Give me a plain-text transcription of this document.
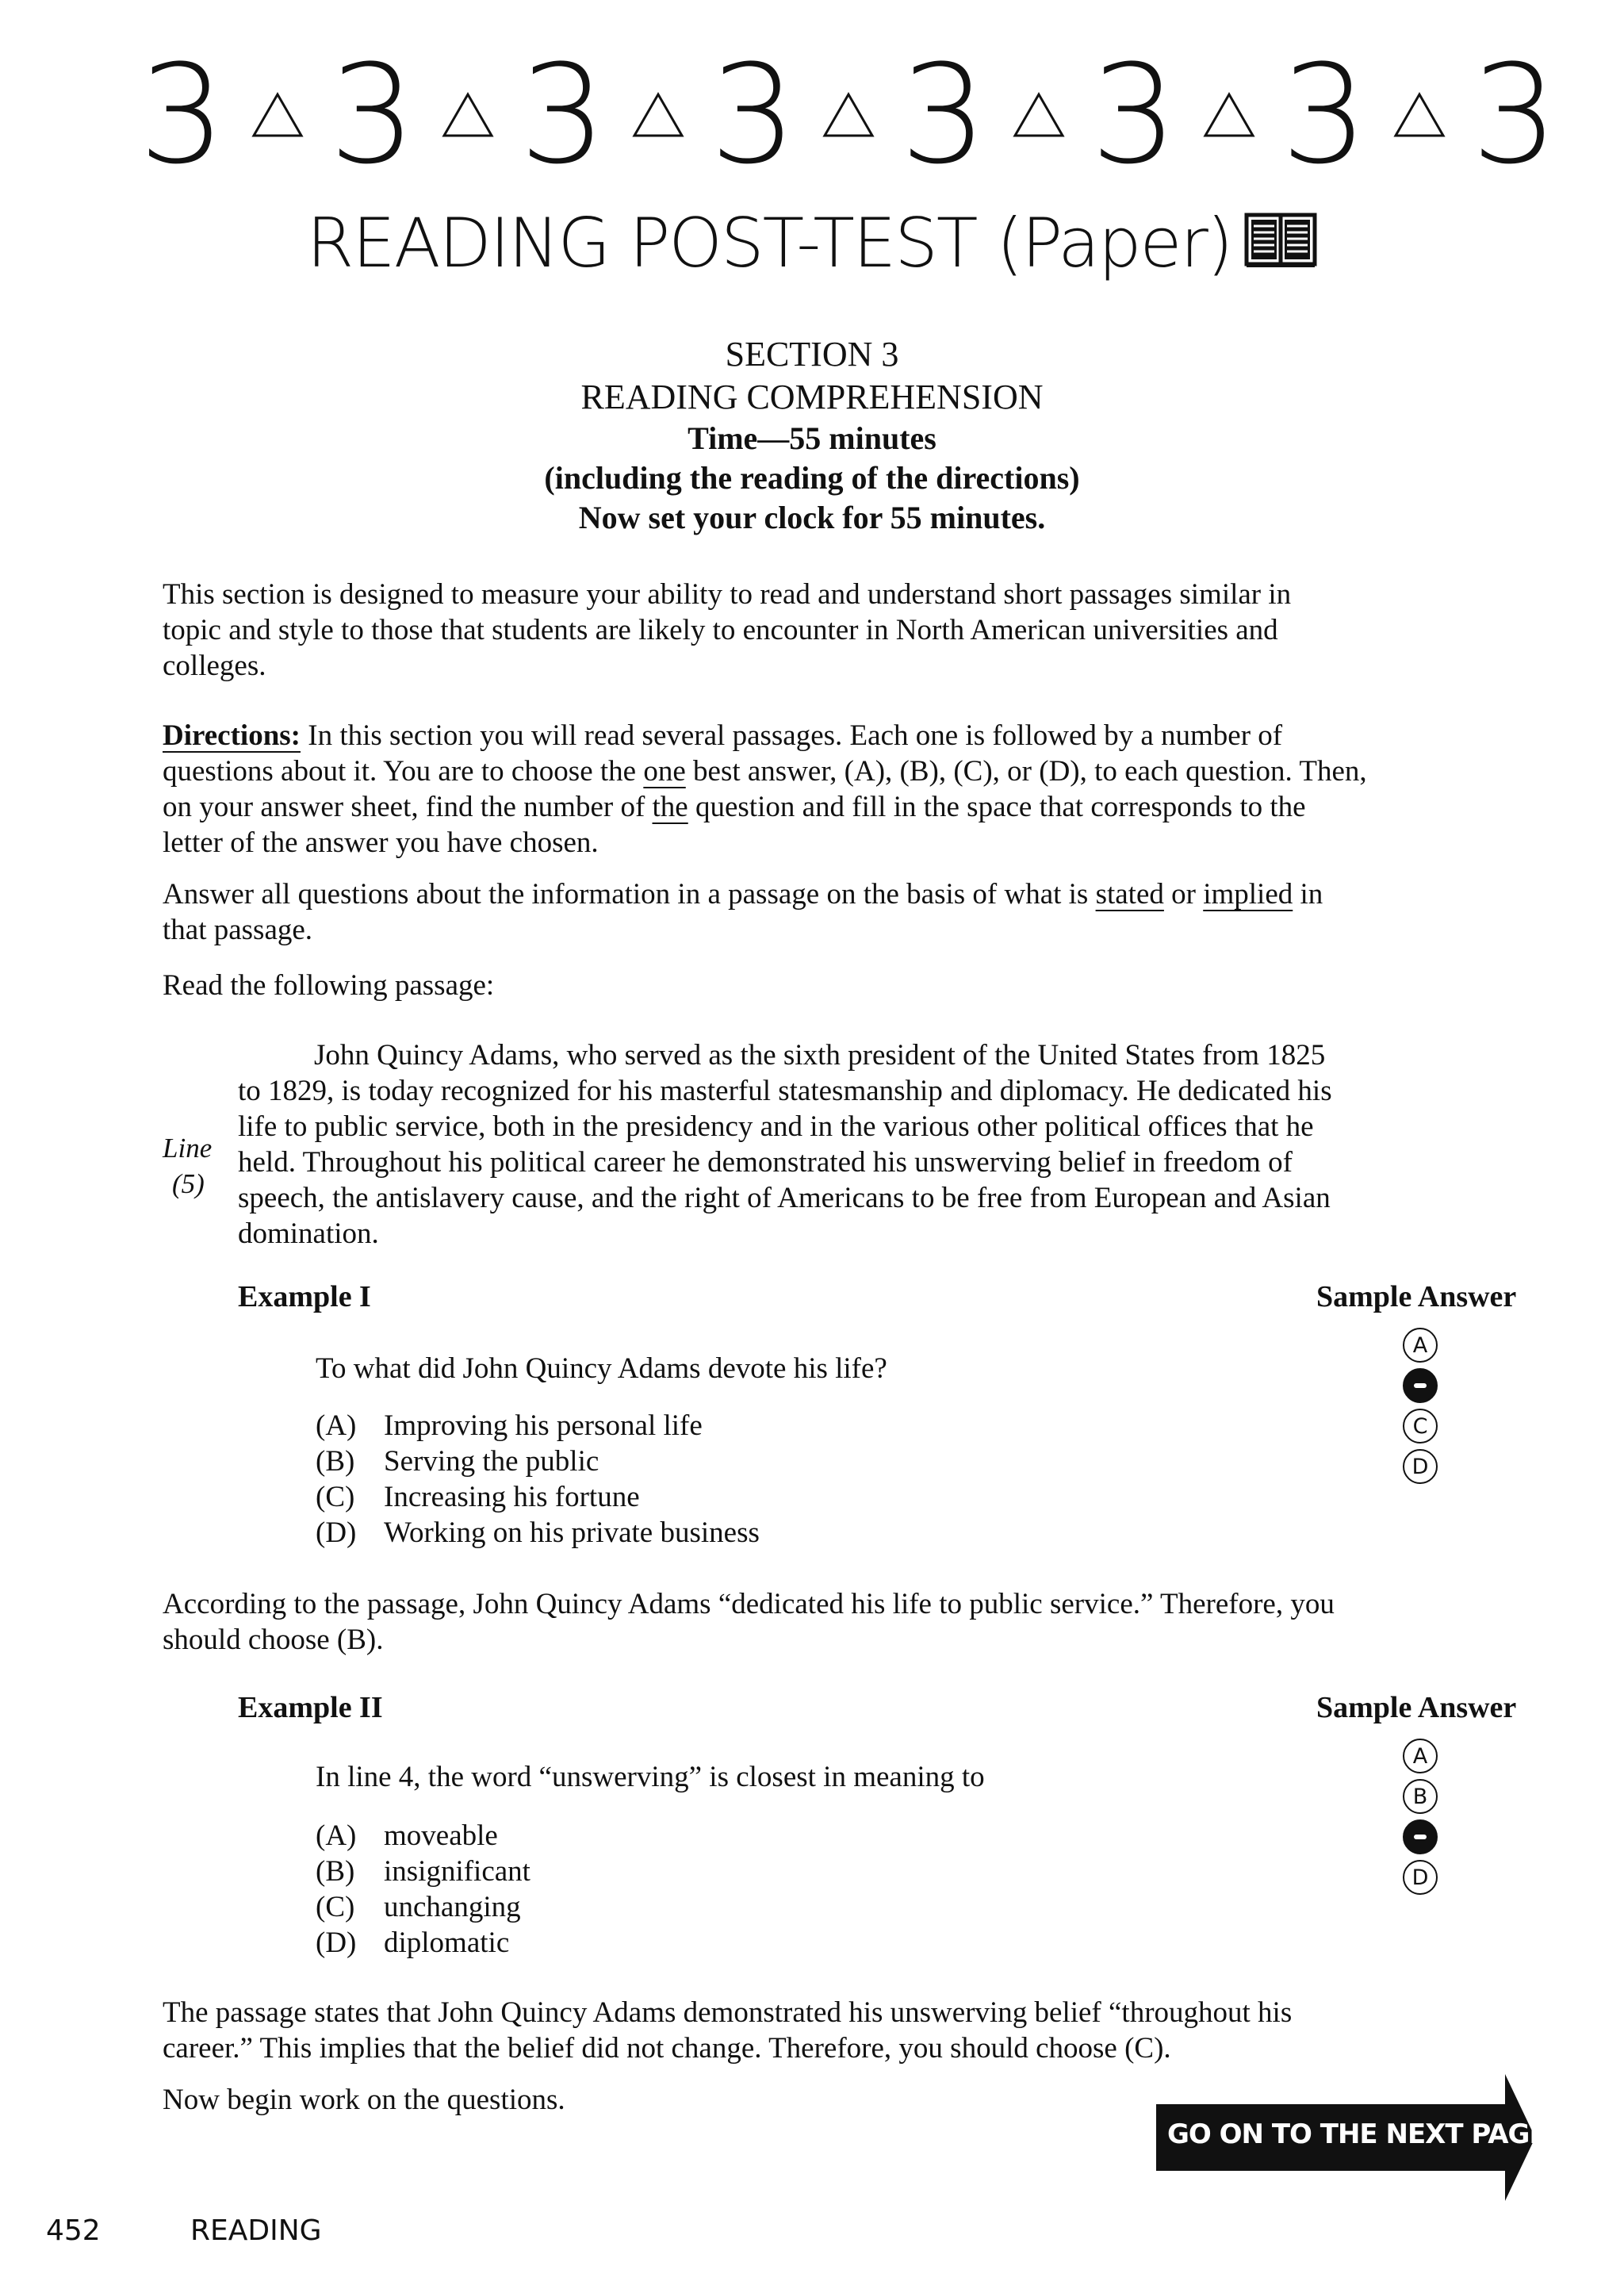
3 3 3 3 3 3 3 3
READING POST-TEST (Paper)
SECTION 3
READING COMPREHENSION
Time—55 minutes
(including the reading of the directions)
Now set your clock for 55 minutes.
This section is designed to measure your ability to read and understand short passages similar in
topic and style to those that students are likely to encounter in North American universities and
colleges.
Directions: In this section you will read several passages. Each one is followed by a number of
questions about it. You are to choose the one best answer, (A), (B), (C), or (D), to each question. Then,
on your answer sheet, find the number of the question and fill in the space that corresponds to the
letter of the answer you have chosen.
Answer all questions about the information in a passage on the basis of what is stated or implied in
that passage.
Read the following passage:
John Quincy Adams, who served as the sixth president of the United States from 1825
to 1829, is today recognized for his masterful statesmanship and diplomacy. He dedicated his
life to public service, both in the presidency and in the various other political offices that he
held. Throughout his political career he demonstrated his unswerving belief in freedom of
speech, the antislavery cause, and the right of Americans to be free from European and Asian
domination.
Line
(5)
Example I	Sample Answer
To what did John Quincy Adams devote his life?
(A) Improving his personal life
(B) Serving the public
(C) Increasing his fortune
(D) Working on his private business
A
C
D
According to the passage, John Quincy Adams “dedicated his life to public service.” Therefore, you
should choose (B).
Example II	Sample Answer
In line 4, the word “unswerving” is closest in meaning to
(A) moveable
(B) insignificant
(C) unchanging
(D) diplomatic
A
B
D
The passage states that John Quincy Adams demonstrated his unswerving belief “throughout his
career.” This implies that the belief did not change. Therefore, you should choose (C).
Now begin work on the questions.
GO ON TO THE NEXT PAGE
452	READING
